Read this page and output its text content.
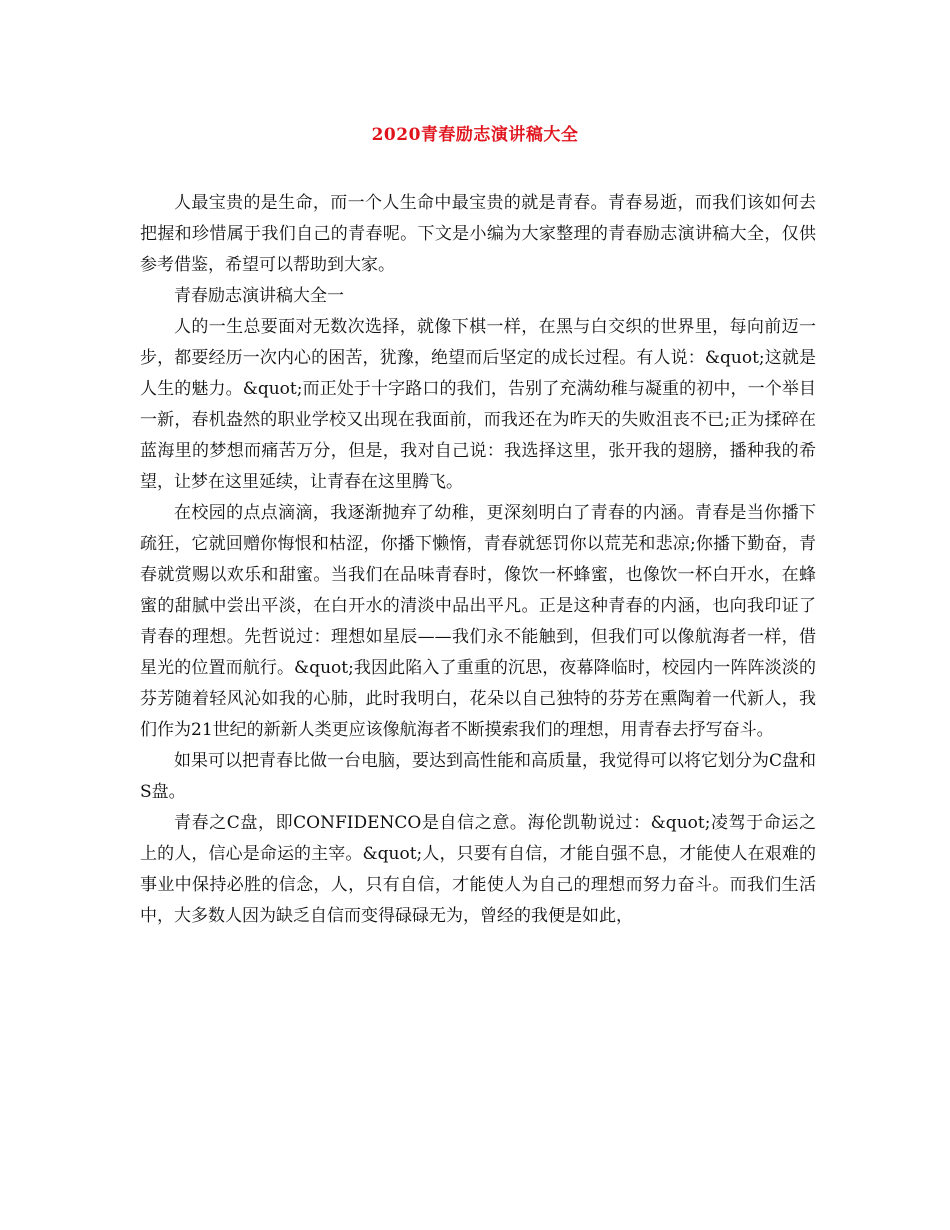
2020青春励志演讲稿大全

人最宝贵的是生命，而一个人生命中最宝贵的就是青春。青春易逝，而我们该如何去把握和珍惜属于我们自己的青春呢。下文是小编为大家整理的青春励志演讲稿大全，仅供参考借鉴，希望可以帮助到大家。

青春励志演讲稿大全一

人的一生总要面对无数次选择，就像下棋一样，在黑与白交织的世界里，每向前迈一步，都要经历一次内心的困苦，犹豫，绝望而后坚定的成长过程。有人说：&quot;这就是人生的魅力。&quot;而正处于十字路口的我们，告别了充满幼稚与凝重的初中，一个举目一新，春机盎然的职业学校又出现在我面前，而我还在为昨天的失败沮丧不已;正为揉碎在蓝海里的梦想而痛苦万分，但是，我对自己说：我选择这里，张开我的翅膀，播种我的希望，让梦在这里延续，让青春在这里腾飞。

在校园的点点滴滴，我逐渐抛弃了幼稚，更深刻明白了青春的内涵。青春是当你播下疏狂，它就回赠你悔恨和枯涩，你播下懒惰，青春就惩罚你以荒芜和悲凉;你播下勤奋，青春就赏赐以欢乐和甜蜜。当我们在品味青春时，像饮一杯蜂蜜，也像饮一杯白开水，在蜂蜜的甜腻中尝出平淡，在白开水的清淡中品出平凡。正是这种青春的内涵，也向我印证了青春的理想。先哲说过：理想如星辰——我们永不能触到，但我们可以像航海者一样，借星光的位置而航行。&quot;我因此陷入了重重的沉思，夜幕降临时，校园内一阵阵淡淡的芬芳随着轻风沁如我的心肺，此时我明白，花朵以自己独特的芬芳在熏陶着一代新人，我们作为21世纪的新新人类更应该像航海者不断摸索我们的理想，用青春去抒写奋斗。

如果可以把青春比做一台电脑，要达到高性能和高质量，我觉得可以将它划分为C盘和S盘。

青春之C盘，即CONFIDENCO是自信之意。海伦凯勒说过：&quot;凌驾于命运之上的人，信心是命运的主宰。&quot;人，只要有自信，才能自强不息，才能使人在艰难的事业中保持必胜的信念，人，只有自信，才能使人为自己的理想而努力奋斗。而我们生活中，大多数人因为缺乏自信而变得碌碌无为，曾经的我便是如此，
